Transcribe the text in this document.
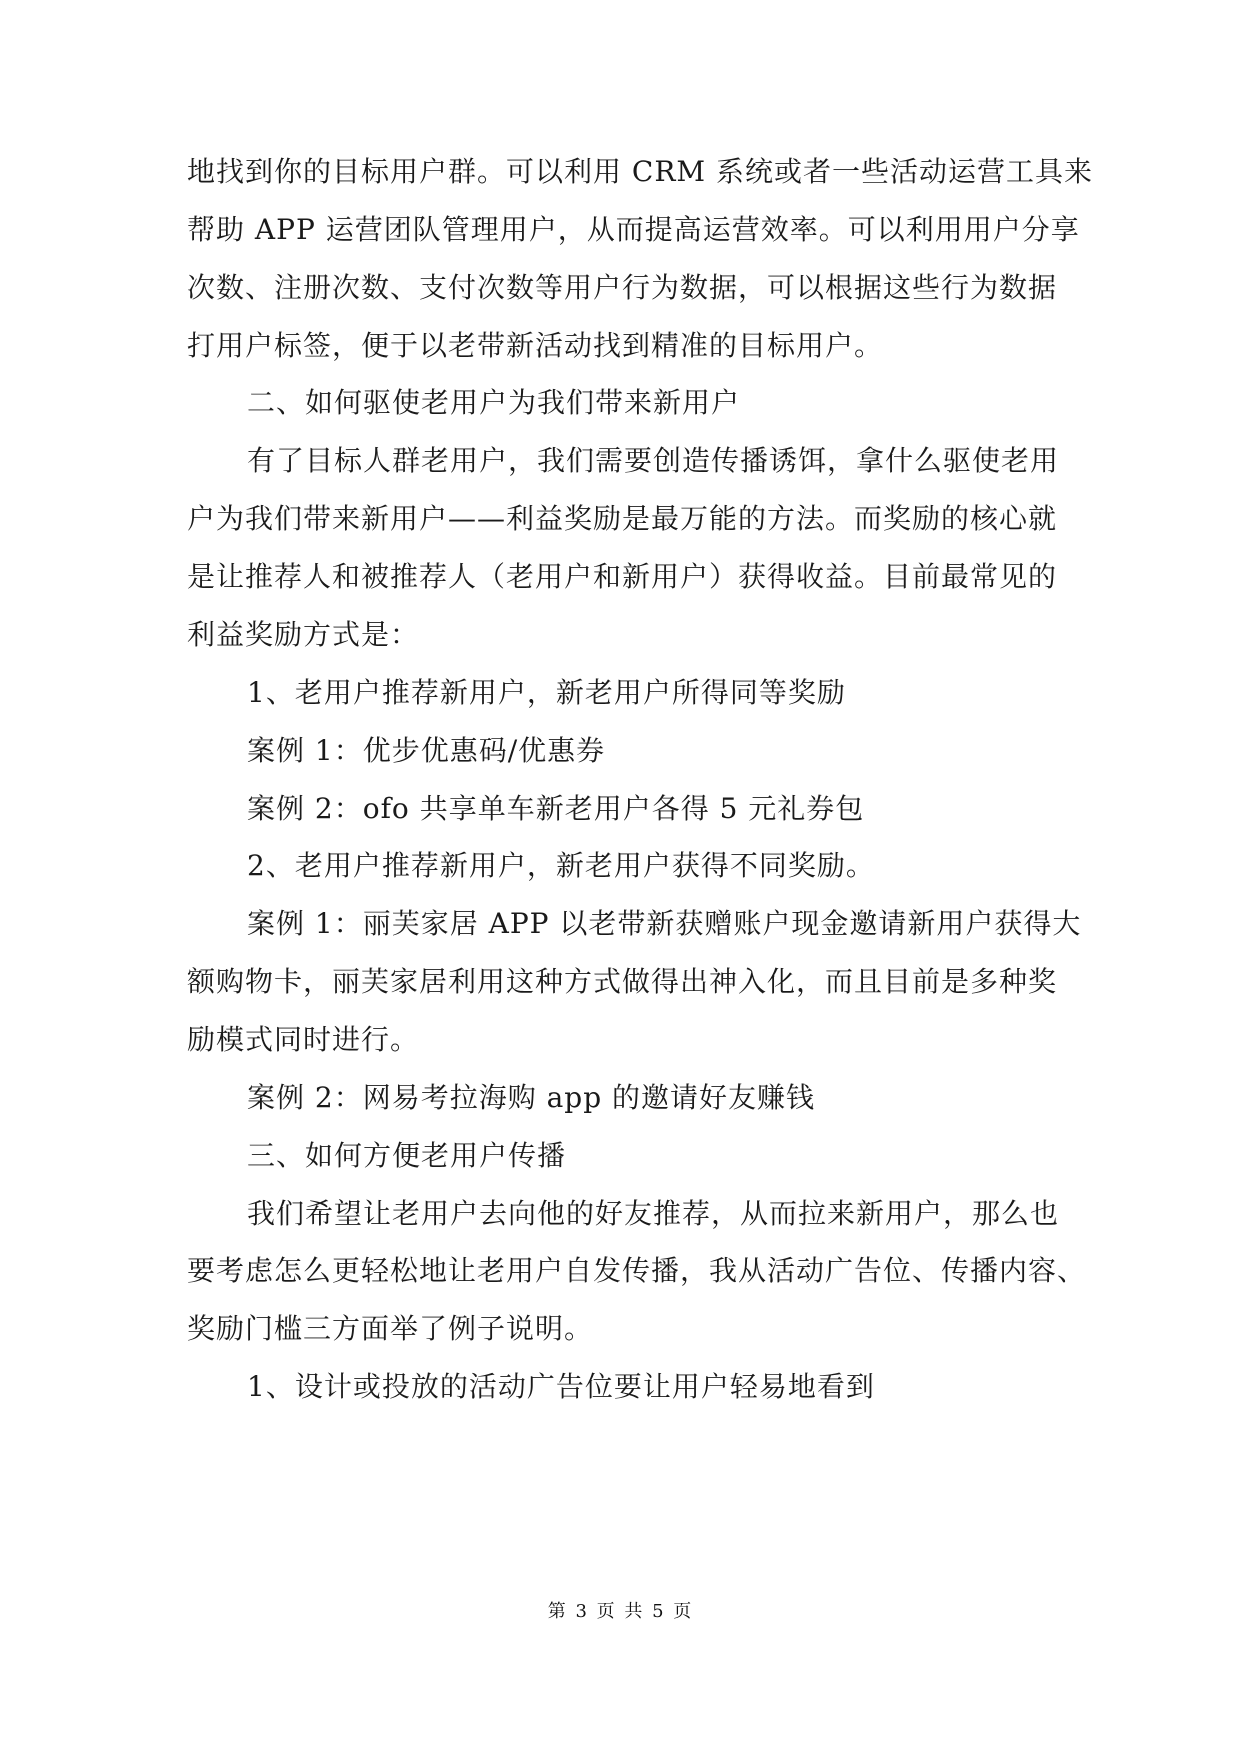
地找到你的目标用户群。可以利用 CRM 系统或者一些活动运营工具来
帮助 APP 运营团队管理用户，从而提高运营效率。可以利用用户分享
次数、注册次数、支付次数等用户行为数据，可以根据这些行为数据
打用户标签，便于以老带新活动找到精准的目标用户。
二、如何驱使老用户为我们带来新用户
有了目标人群老用户，我们需要创造传播诱饵，拿什么驱使老用
户为我们带来新用户——利益奖励是最万能的方法。而奖励的核心就
是让推荐人和被推荐人（老用户和新用户）获得收益。目前最常见的
利益奖励方式是：
1、老用户推荐新用户，新老用户所得同等奖励
案例 1：优步优惠码/优惠券
案例 2：ofo 共享单车新老用户各得 5 元礼券包
2、老用户推荐新用户，新老用户获得不同奖励。
案例 1：丽芙家居 APP 以老带新获赠账户现金邀请新用户获得大
额购物卡，丽芙家居利用这种方式做得出神入化，而且目前是多种奖
励模式同时进行。
案例 2：网易考拉海购 app 的邀请好友赚钱
三、如何方便老用户传播
我们希望让老用户去向他的好友推荐，从而拉来新用户，那么也
要考虑怎么更轻松地让老用户自发传播，我从活动广告位、传播内容、
奖励门槛三方面举了例子说明。
1、设计或投放的活动广告位要让用户轻易地看到
第 3 页 共 5 页
